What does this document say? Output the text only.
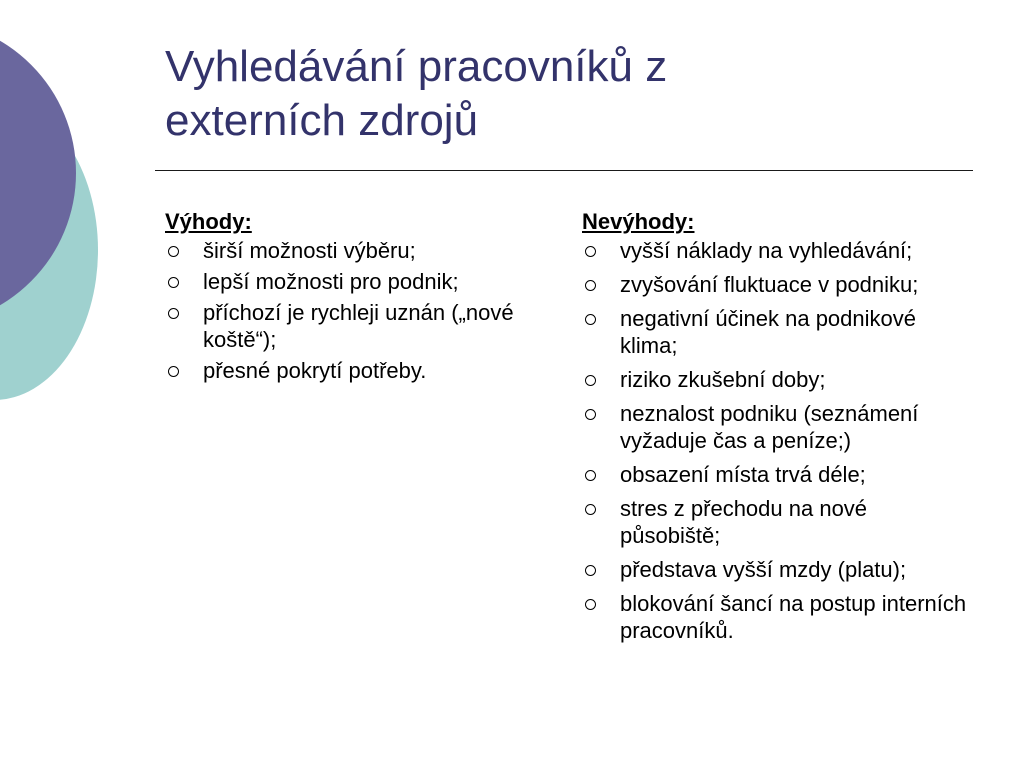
Vyhledávání pracovníků z
externích zdrojů
Výhody:
širší možnosti výběru;
lepší možnosti pro podnik;
příchozí je rychleji uznán („nové koště“);
přesné pokrytí potřeby.
Nevýhody:
vyšší náklady na vyhledávání;
zvyšování fluktuace v podniku;
negativní účinek na podnikové klima;
riziko zkušební doby;
neznalost podniku (seznámení vyžaduje čas a peníze;)
obsazení místa trvá déle;
stres z přechodu na nové působiště;
představa vyšší mzdy (platu);
blokování šancí na postup interních pracovníků.
